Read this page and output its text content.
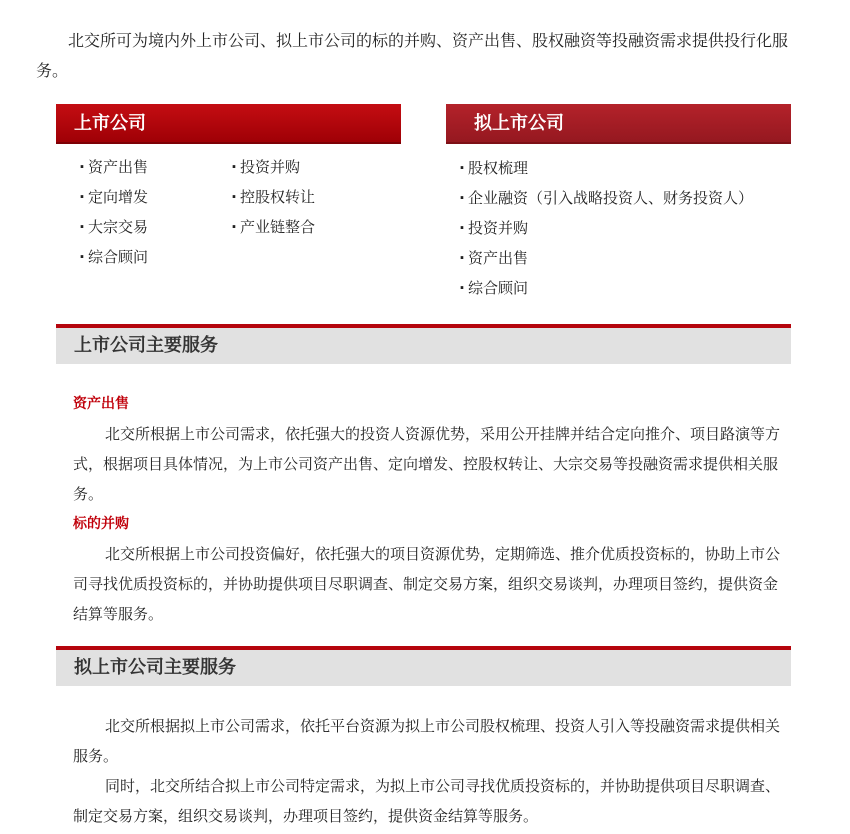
北交所可为境内外上市公司、拟上市公司的标的并购、资产出售、股权融资等投融资需求提供投行化服务。

上市公司	拟上市公司
· 资产出售
· 定向增发
· 大宗交易
· 综合顾问
· 投资并购
· 控股权转让
· 产业链整合
· 股权梳理
· 企业融资（引入战略投资人、财务投资人）
· 投资并购
· 资产出售
· 综合顾问
上市公司主要服务

资产出售

北交所根据上市公司需求，依托强大的投资人资源优势，采用公开挂牌并结合定向推介、项目路演等方式，根据项目具体情况，为上市公司资产出售、定向增发、控股权转让、大宗交易等投融资需求提供相关服务。

标的并购

北交所根据上市公司投资偏好，依托强大的项目资源优势，定期筛选、推介优质投资标的，协助上市公司寻找优质投资标的，并协助提供项目尽职调查、制定交易方案，组织交易谈判，办理项目签约，提供资金结算等服务。

拟上市公司主要服务

北交所根据拟上市公司需求，依托平台资源为拟上市公司股权梳理、投资人引入等投融资需求提供相关服务。

同时，北交所结合拟上市公司特定需求，为拟上市公司寻找优质投资标的，并协助提供项目尽职调查、制定交易方案，组织交易谈判，办理项目签约，提供资金结算等服务。
